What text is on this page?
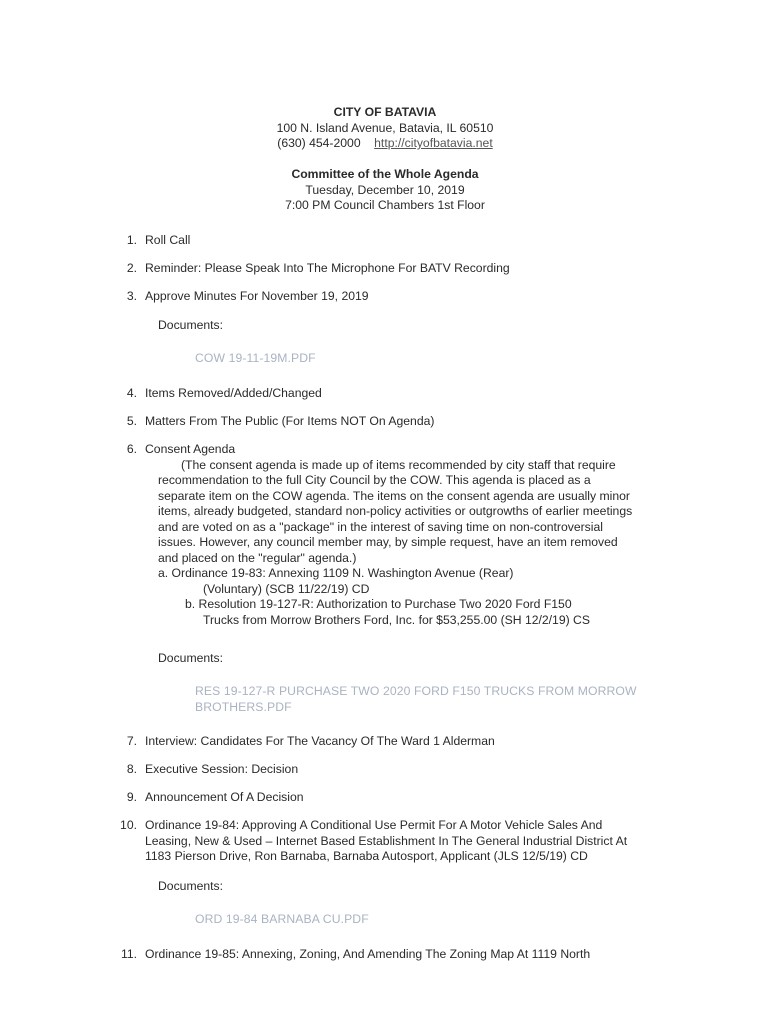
CITY OF BATAVIA
100 N. Island Avenue, Batavia, IL 60510
(630) 454-2000 http://cityofbatavia.net
Committee of the Whole Agenda
Tuesday, December 10, 2019
7:00 PM Council Chambers 1st Floor
1. Roll Call
2. Reminder: Please Speak Into The Microphone For BATV Recording
3. Approve Minutes For November 19, 2019
Documents:
COW 19-11-19M.PDF
4. Items Removed/Added/Changed
5. Matters From The Public (For Items NOT On Agenda)
6. Consent Agenda
(The consent agenda is made up of items recommended by city staff that require
recommendation to the full City Council by the COW. This agenda is placed as a
separate item on the COW agenda. The items on the consent agenda are usually minor
items, already budgeted, standard non-policy activities or outgrowths of earlier meetings
and are voted on as a "package" in the interest of saving time on non-controversial
issues. However, any council member may, by simple request, have an item removed
and placed on the "regular" agenda.)
a. Ordinance 19-83: Annexing 1109 N. Washington Avenue (Rear)
(Voluntary) (SCB 11/22/19) CD
b. Resolution 19-127-R: Authorization to Purchase Two 2020 Ford F150
Trucks from Morrow Brothers Ford, Inc. for $53,255.00 (SH 12/2/19) CS
Documents:
RES 19-127-R PURCHASE TWO 2020 FORD F150 TRUCKS FROM MORROW
BROTHERS.PDF
7. Interview: Candidates For The Vacancy Of The Ward 1 Alderman
8. Executive Session: Decision
9. Announcement Of A Decision
10. Ordinance 19-84: Approving A Conditional Use Permit For A Motor Vehicle Sales And
Leasing, New & Used – Internet Based Establishment In The General Industrial District At
1183 Pierson Drive, Ron Barnaba, Barnaba Autosport, Applicant (JLS 12/5/19) CD
Documents:
ORD 19-84 BARNABA CU.PDF
11. Ordinance 19-85: Annexing, Zoning, And Amending The Zoning Map At 1119 North
